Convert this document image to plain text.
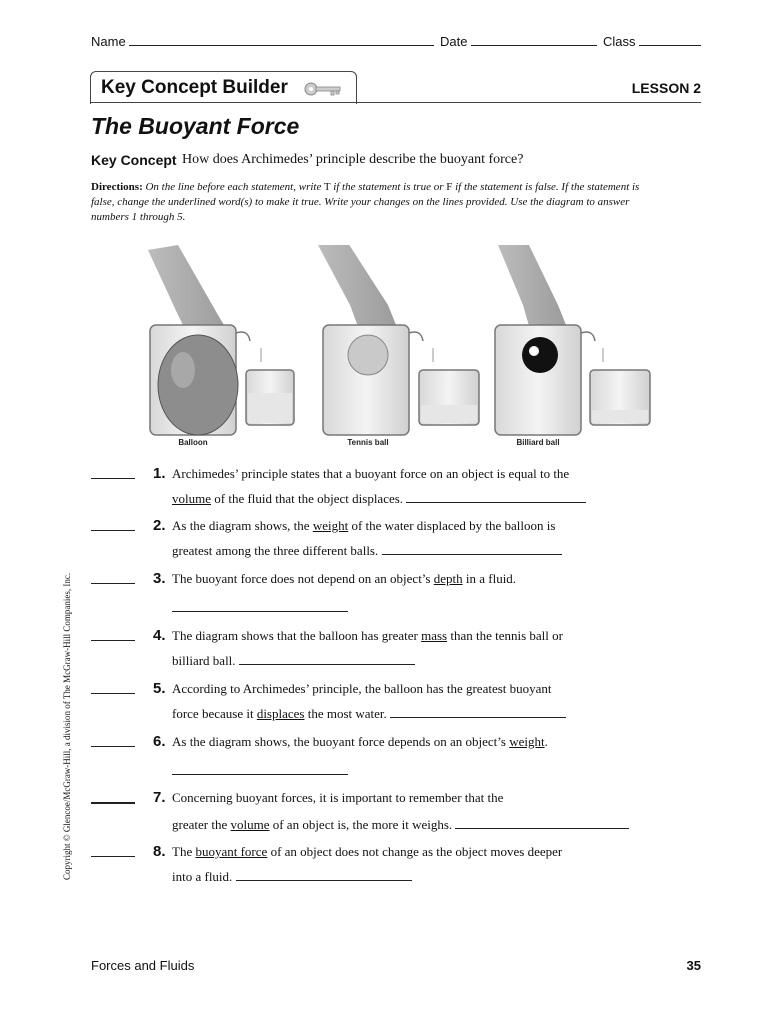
Name	Date	Class
Key Concept Builder	LESSON 2
The Buoyant Force
Key Concept How does Archimedes’ principle describe the buoyant force?
Directions: On the line before each statement, write T if the statement is true or F if the statement is false. If the statement is false, change the underlined word(s) to make it true. Write your changes on the lines provided. Use the diagram to answer numbers 1 through 5.
Balloon	Tennis ball	Billiard ball
1. Archimedes’ principle states that a buoyant force on an object is equal to the
volume of the fluid that the object displaces.
2. As the diagram shows, the weight of the water displaced by the balloon is
greatest among the three different balls.
3. The buoyant force does not depend on an object’s depth in a fluid.
4. The diagram shows that the balloon has greater mass than the tennis ball or
billiard ball.
5. According to Archimedes’ principle, the balloon has the greatest buoyant
force because it displaces the most water.
6. As the diagram shows, the buoyant force depends on an object’s weight.
7. Concerning buoyant forces, it is important to remember that the
greater the volume of an object is, the more it weighs.
8. The buoyant force of an object does not change as the object moves deeper
into a fluid.
Copyright © Glencoe/McGraw-Hill, a division of The McGraw-Hill Companies, Inc.
Forces and Fluids	35
